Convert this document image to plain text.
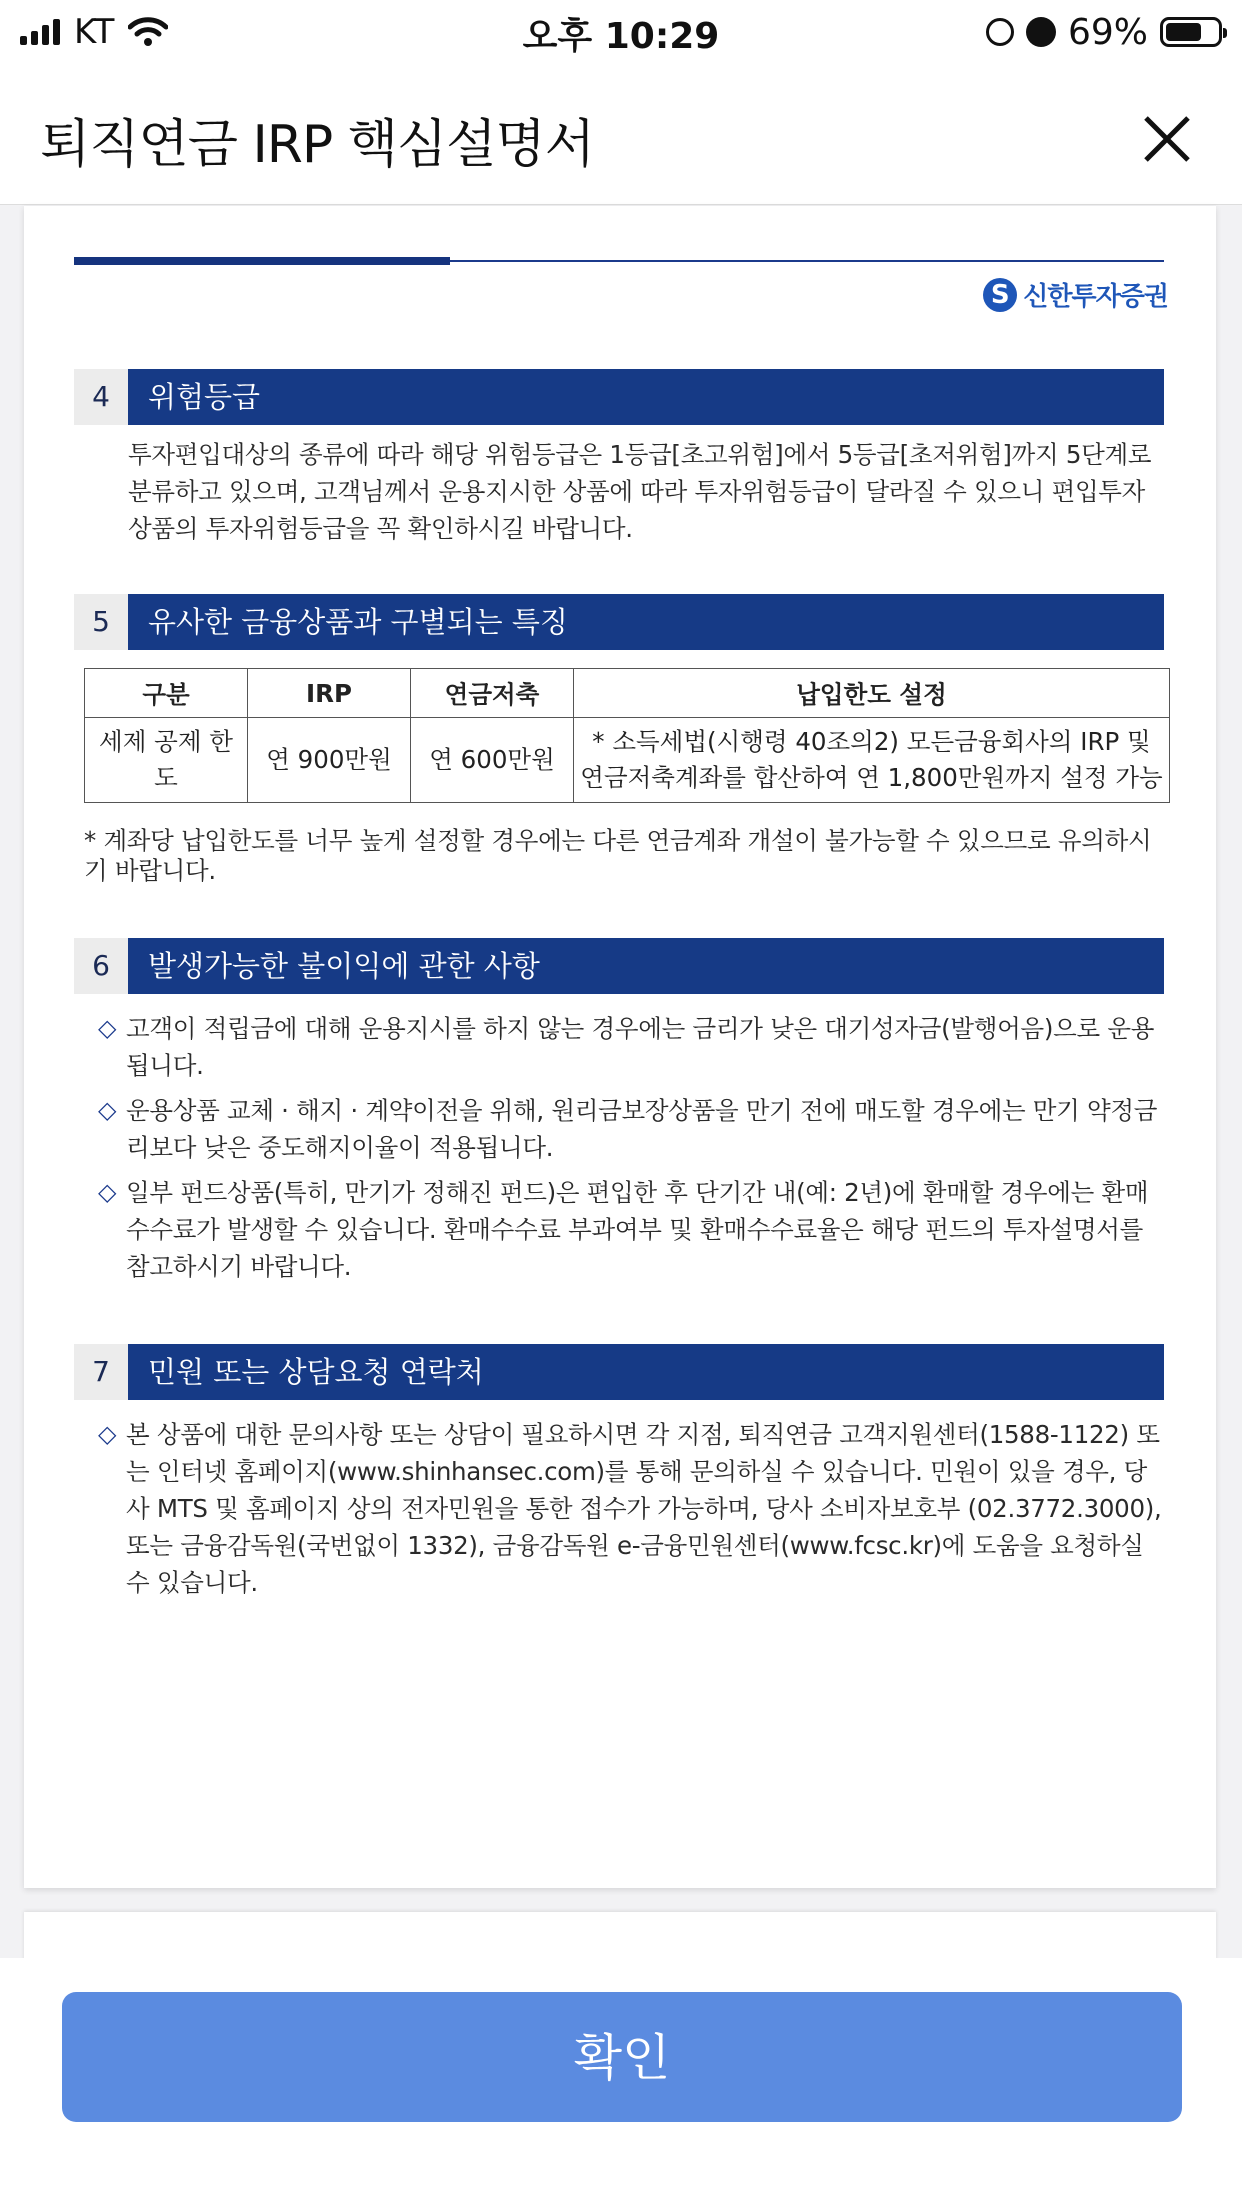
KT	오후 10:29	69%
퇴직연금 IRP 핵심설명서
S 신한투자증권
4	위험등급
투자편입대상의 종류에 따라 해당 위험등급은 1등급[초고위험]에서 5등급[초저위험]까지 5단계로 분류하고 있으며, 고객님께서 운용지시한 상품에 따라 투자위험등급이 달라질 수 있으니 편입투자상품의 투자위험등급을 꼭 확인하시길 바랍니다.
5	유사한 금융상품과 구별되는 특징
구분	IRP	연금저축	납입한도 설정
세제 공제 한도	연 900만원	연 600만원	* 소득세법(시행령 40조의2) 모든금융회사의 IRP 및 연금저축계좌를 합산하여 연 1,800만원까지 설정 가능
* 계좌당 납입한도를 너무 높게 설정할 경우에는 다른 연금계좌 개설이 불가능할 수 있으므로 유의하시기 바랍니다.
6	발생가능한 불이익에 관한 사항
◇ 고객이 적립금에 대해 운용지시를 하지 않는 경우에는 금리가 낮은 대기성자금(발행어음)으로 운용됩니다.
◇ 운용상품 교체 · 해지 · 계약이전을 위해, 원리금보장상품을 만기 전에 매도할 경우에는 만기 약정금리보다 낮은 중도해지이율이 적용됩니다.
◇ 일부 펀드상품(특히, 만기가 정해진 펀드)은 편입한 후 단기간 내(예: 2년)에 환매할 경우에는 환매수수료가 발생할 수 있습니다. 환매수수료 부과여부 및 환매수수료율은 해당 펀드의 투자설명서를 참고하시기 바랍니다.
7	민원 또는 상담요청 연락처
◇ 본 상품에 대한 문의사항 또는 상담이 필요하시면 각 지점, 퇴직연금 고객지원센터(1588-1122) 또는 인터넷 홈페이지(www.shinhansec.com)를 통해 문의하실 수 있습니다. 민원이 있을 경우, 당사 MTS 및 홈페이지 상의 전자민원을 통한 접수가 가능하며, 당사 소비자보호부 (02.3772.3000), 또는 금융감독원(국번없이 1332), 금융감독원 e-금융민원센터(www.fcsc.kr)에 도움을 요청하실 수 있습니다.
확인
